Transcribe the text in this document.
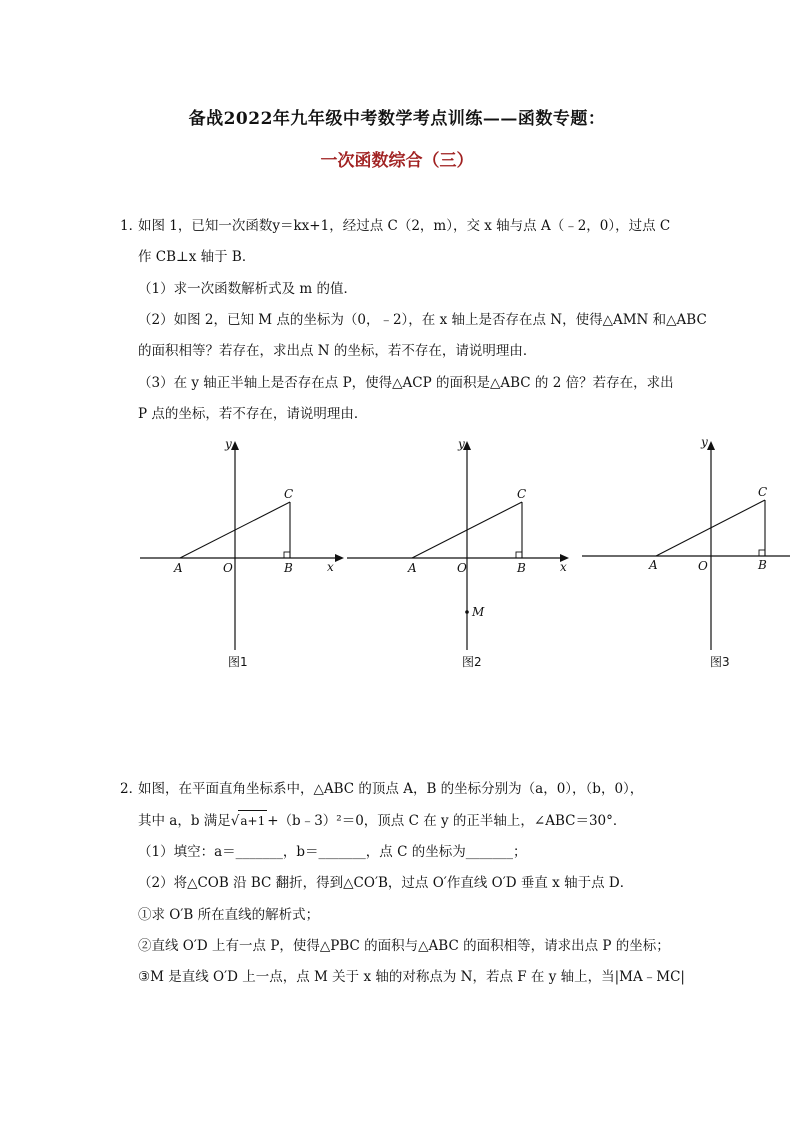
备战2022年九年级中考数学考点训练——函数专题：
一次函数综合（三）
1．
如图 1，已知一次函数y＝kx+1，经过点 C（2，m），交 x 轴与点 A（﹣2，0），过点 C
作 CB⊥x 轴于 B．
（1）求一次函数解析式及 m 的值．
（2）如图 2，已知 M 点的坐标为（0，﹣2），在 x 轴上是否存在点 N，使得△AMN 和△ABC
的面积相等？若存在，求出点 N 的坐标，若不存在，请说明理由．
（3）在 y 轴正半轴上是否存在点 P，使得△ACP 的面积是△ABC 的 2 倍？若存在，求出
P 点的坐标，若不存在，请说明理由．
x
y
A	O	B
C
图1
M
x
y
A	O	B
C
图2
y
A	O	B
C
图3
2．
如图，在平面直角坐标系中，△ABC 的顶点 A，B 的坐标分别为（a，0），（b，0），
其中 a，b 满足√a+1 +（b﹣3）²＝0，顶点 C 在 y 的正半轴上，∠ABC＝30°．
（1）填空：a＝_______，b＝_______，点 C 的坐标为_______；
（2）将△COB 沿 BC 翻折，得到△CO′B，过点 O′作直线 O′D 垂直 x 轴于点 D．
①求 O′B 所在直线的解析式；
②直线 O′D 上有一点 P，使得△PBC 的面积与△ABC 的面积相等，请求出点 P 的坐标；
③M 是直线 O′D 上一点，点 M 关于 x 轴的对称点为 N，若点 F 在 y 轴上，当|MA﹣MC|
